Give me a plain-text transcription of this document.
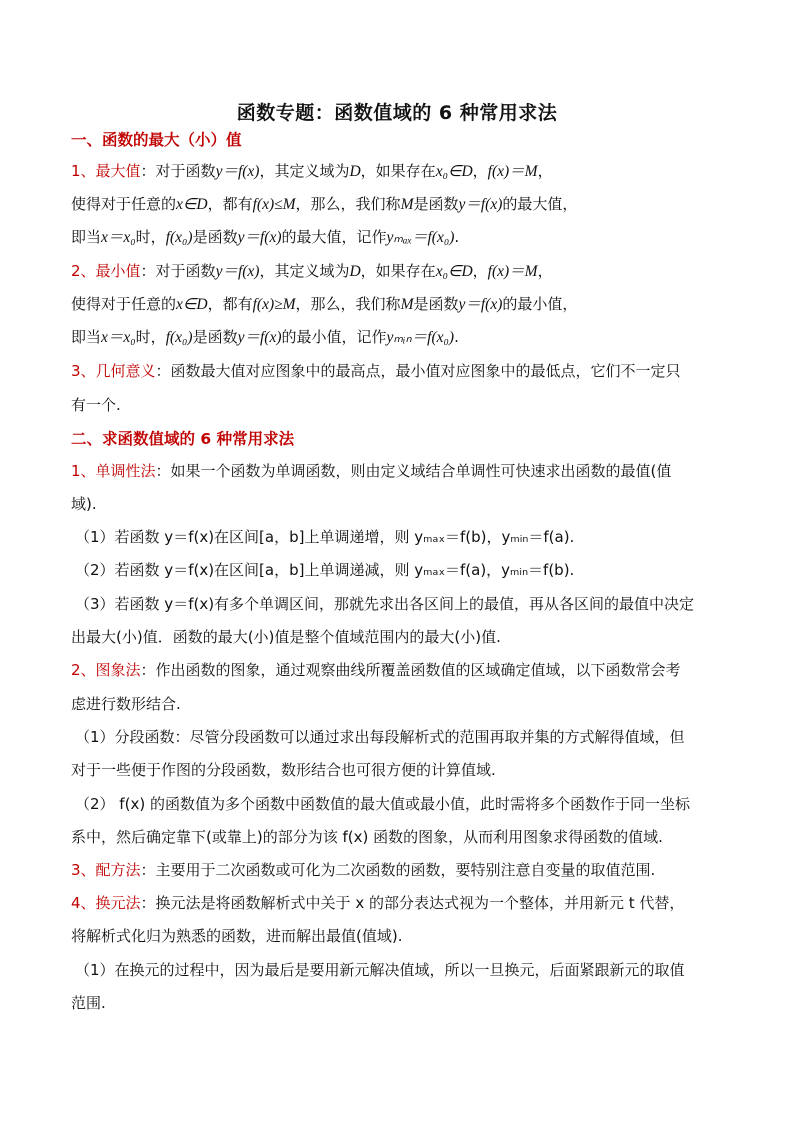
函数专题：函数值域的 6 种常用求法
一、函数的最大（小）值
1、最大值：对于函数y＝f(x)，其定义域为D，如果存在x₀∈D，f(x)＝M，
使得对于任意的x∈D，都有f(x)≤M，那么，我们称M是函数y＝f(x)的最大值，
即当x＝x₀时，f(x₀)是函数y＝f(x)的最大值，记作yₘₐₓ＝f(x₀).
2、最小值：对于函数y＝f(x)，其定义域为D，如果存在x₀∈D，f(x)＝M，
使得对于任意的x∈D，都有f(x)≥M，那么，我们称M是函数y＝f(x)的最小值，
即当x＝x₀时，f(x₀)是函数y＝f(x)的最小值，记作yₘᵢₙ＝f(x₀).
3、几何意义：函数最大值对应图象中的最高点，最小值对应图象中的最低点，它们不一定只
有一个.
二、求函数值域的 6 种常用求法
1、单调性法：如果一个函数为单调函数，则由定义域结合单调性可快速求出函数的最值(值
域).
（1）若函数 y＝f(x)在区间[a，b]上单调递增，则 yₘₐₓ＝f(b)，yₘᵢₙ＝f(a).
（2）若函数 y＝f(x)在区间[a，b]上单调递减，则 yₘₐₓ＝f(a)，yₘᵢₙ＝f(b).
（3）若函数 y＝f(x)有多个单调区间，那就先求出各区间上的最值，再从各区间的最值中决定
出最大(小)值．函数的最大(小)值是整个值域范围内的最大(小)值.
2、图象法：作出函数的图象，通过观察曲线所覆盖函数值的区域确定值域，以下函数常会考
虑进行数形结合.
（1）分段函数：尽管分段函数可以通过求出每段解析式的范围再取并集的方式解得值域，但
对于一些便于作图的分段函数，数形结合也可很方便的计算值域.
（2） f(x) 的函数值为多个函数中函数值的最大值或最小值，此时需将多个函数作于同一坐标
系中，然后确定靠下(或靠上)的部分为该 f(x) 函数的图象，从而利用图象求得函数的值域.
3、配方法：主要用于二次函数或可化为二次函数的函数，要特别注意自变量的取值范围.
4、换元法：换元法是将函数解析式中关于 x 的部分表达式视为一个整体，并用新元 t 代替，
将解析式化归为熟悉的函数，进而解出最值(值域).
（1）在换元的过程中，因为最后是要用新元解决值域，所以一旦换元，后面紧跟新元的取值
范围.
